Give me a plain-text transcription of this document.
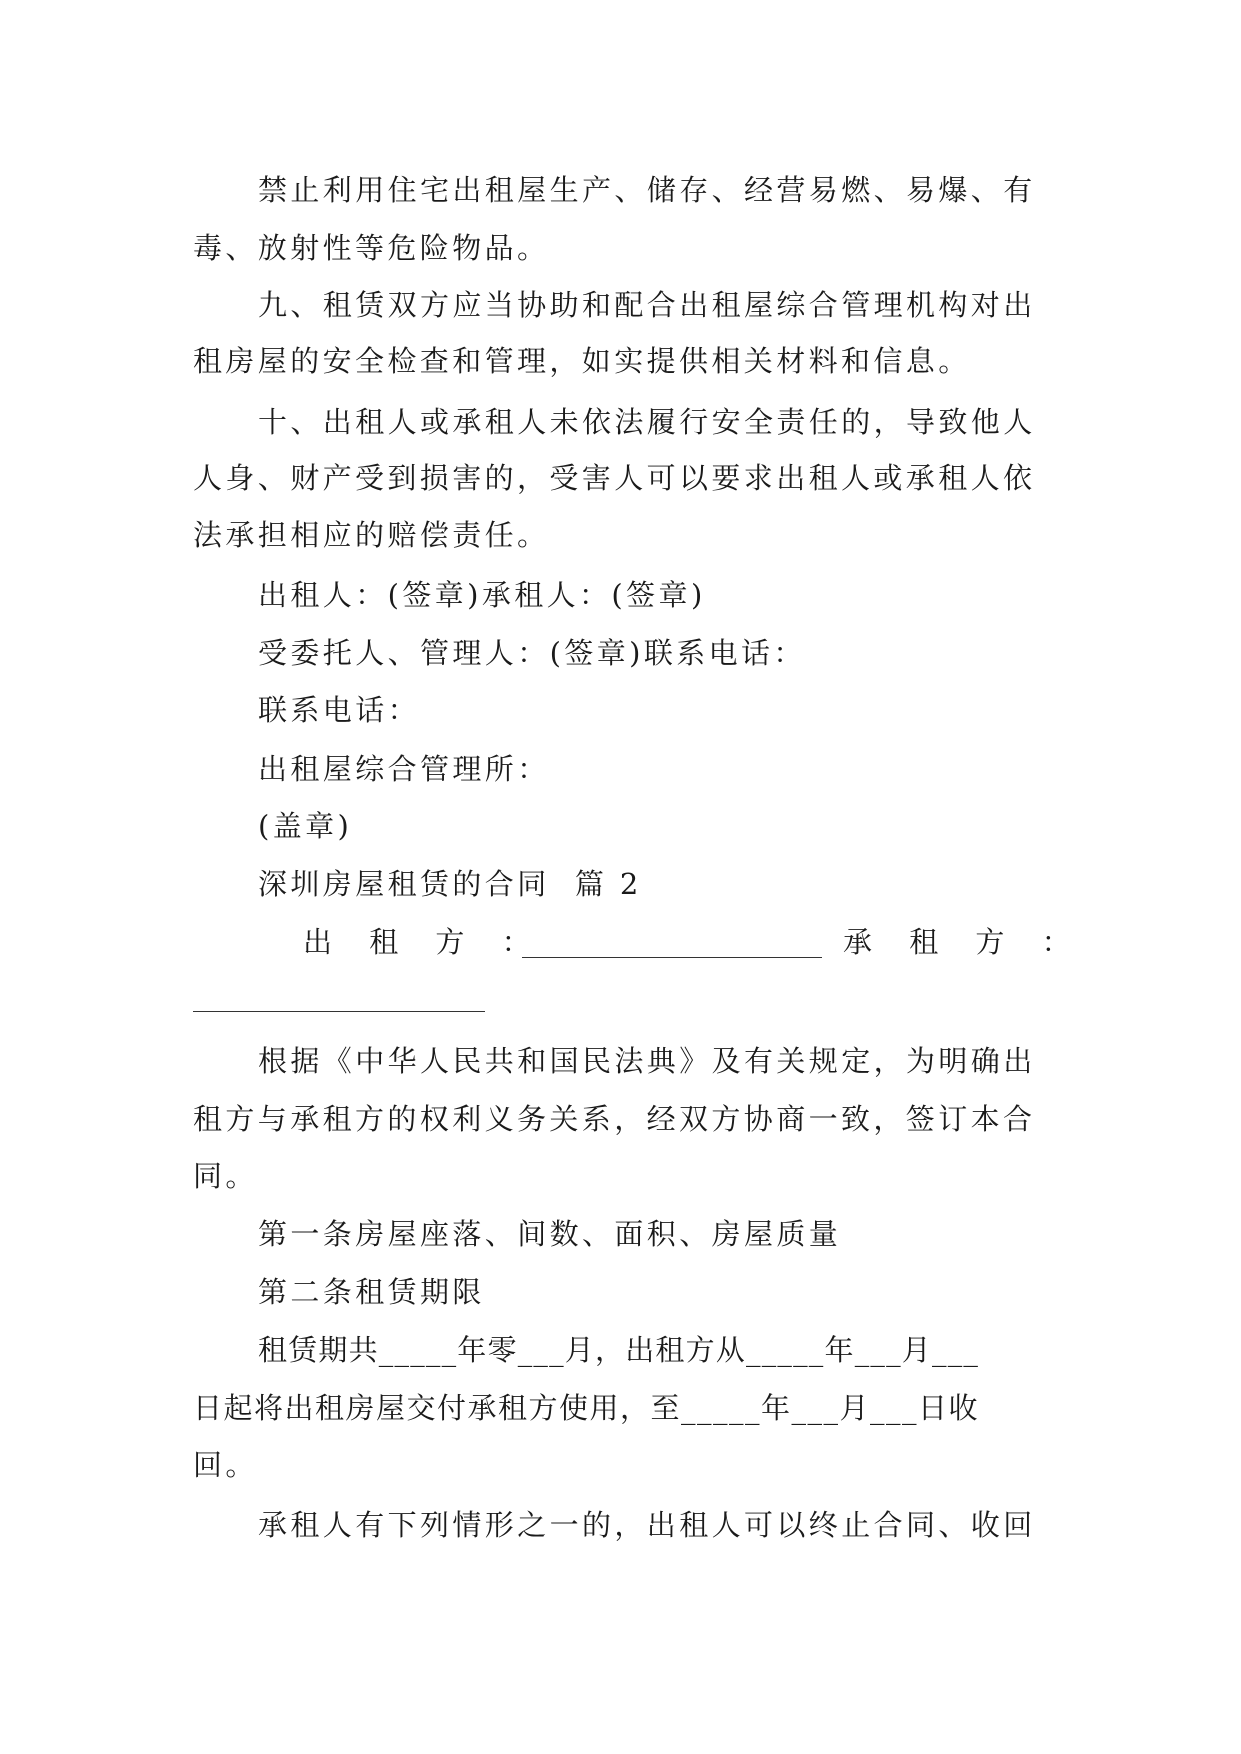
禁止利用住宅出租屋生产、储存、经营易燃、易爆、有
毒、放射性等危险物品。
九、租赁双方应当协助和配合出租屋综合管理机构对出
租房屋的安全检查和管理，如实提供相关材料和信息。
十、出租人或承租人未依法履行安全责任的，导致他人
人身、财产受到损害的，受害人可以要求出租人或承租人依
法承担相应的赔偿责任。
出租人：(签章)承租人：(签章)
受委托人、管理人：(签章)联系电话：
联系电话：
出租屋综合管理所：
(盖章)
深圳房屋租赁的合同  篇 2
出 租 方 ：	承 租 方 ：
根据《中华人民共和国民法典》及有关规定，为明确出
租方与承租方的权利义务关系，经双方协商一致，签订本合
同。
第一条房屋座落、间数、面积、房屋质量
第二条租赁期限
租赁期共_____年零___月，出租方从_____年___月___
日起将出租房屋交付承租方使用，至_____年___月___日收
回。
承租人有下列情形之一的，出租人可以终止合同、收回
